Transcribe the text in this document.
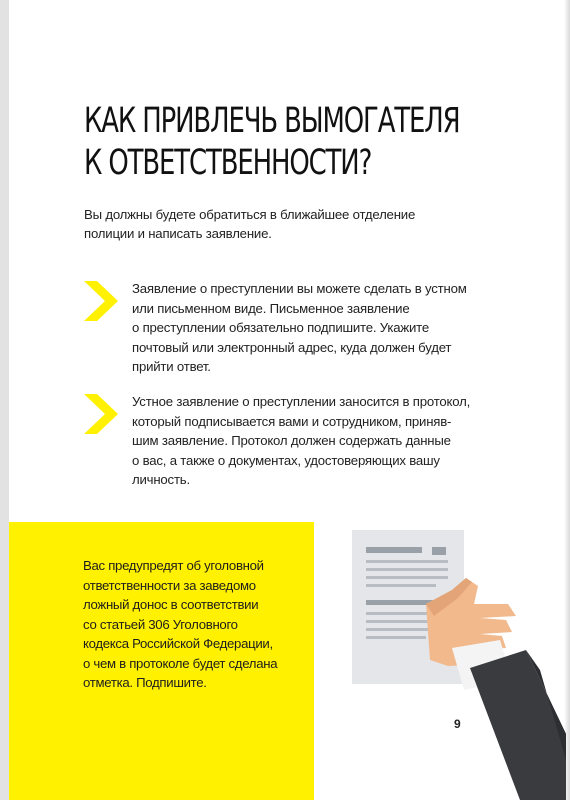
КАК ПРИВЛЕЧЬ ВЫМОГАТЕЛЯ
К ОТВЕТСТВЕННОСТИ?
Вы должны будете обратиться в ближайшее отделение
полиции и написать заявление.
Заявление о преступлении вы можете сделать в устном
или письменном виде. Письменное заявление
о преступлении обязательно подпишите. Укажите
почтовый или электронный адрес, куда должен будет
прийти ответ.
Устное заявление о преступлении заносится в протокол,
который подписывается вами и сотрудником, приняв-
шим заявление. Протокол должен содержать данные
о вас, а также о документах, удостоверяющих вашу
личность.
Вас предупредят об уголовной
ответственности за заведомо
ложный донос в соответствии
со статьей 306 Уголовного
кодекса Российской Федерации,
о чем в протоколе будет сделана
отметка. Подпишите.
9
